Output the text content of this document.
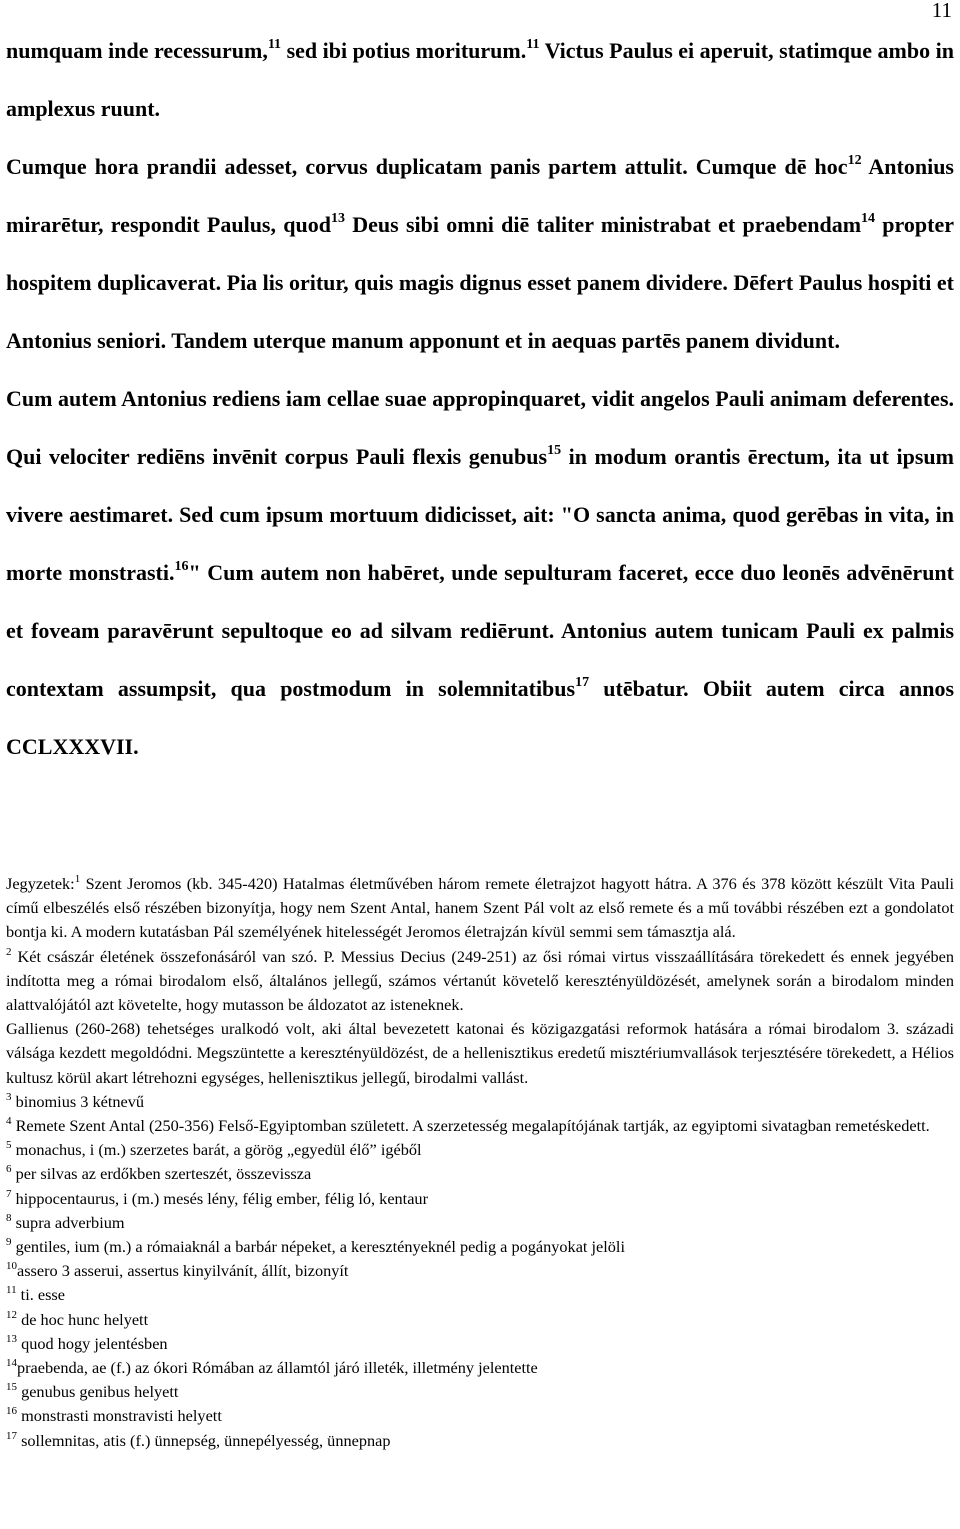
11

numquam inde recessurum,$^{11}$ sed ibi potius moriturum.$^{11}$ Victus Paulus ei aperuit, statimque ambo in amplexus ruunt.

Cumque hora prandii adesset, corvus duplicatam panis partem attulit. Cumque dē hoc$^{12}$ Antonius mirarētur, respondit Paulus, quod$^{13}$ Deus sibi omni diē taliter ministrabat et praebendam$^{14}$ propter hospitem duplicaverat. Pia lis oritur, quis magis dignus esset panem dividere. Dēfert Paulus hospiti et Antonius seniori. Tandem uterque manum apponunt et in aequas partēs panem dividunt.

Cum autem Antonius rediens iam cellae suae appropinquaret, vidit angelos Pauli animam deferentes. Qui velociter rediēns invēnit corpus Pauli flexis genubus$^{15}$ in modum orantis ērectum, ita ut ipsum vivere aestimaret. Sed cum ipsum mortuum didicisset, ait: "O sancta anima, quod gerēbas in vita, in morte monstrasti.$^{16}$" Cum autem non habēret, unde sepulturam faceret, ecce duo leonēs advēnērunt et foveam paravērunt sepultoque eo ad silvam rediērunt. Antonius autem tunicam Pauli ex palmis contextam assumpsit, qua postmodum in solemnitatibus$^{17}$ utēbatur. Obiit autem circa annos CCLXXXVII.

Jegyzetek:$^1$ Szent Jeromos (kb. 345-420) Hatalmas életművében három remete életrajzot hagyott hátra. A 376 és 378 között készült Vita Pauli című elbeszélés első részében bizonyítja, hogy nem Szent Antal, hanem Szent Pál volt az első remete és a mű további részében ezt a gondolatot bontja ki. A modern kutatásban Pál személyének hitelességét Jeromos életrajzán kívül semmi sem támasztja alá.

$^2$ Két császár életének összefonásáról van szó. P. Messius Decius (249-251) az ősi római virtus visszaállítására törekedett és ennek jegyében indította meg a római birodalom első, általános jellegű, számos vértanút követelő keresztényüldözését, amelynek során a birodalom minden alattvalójától azt követelte, hogy mutasson be áldozatot az isteneknek.

Gallienus (260-268) tehetséges uralkodó volt, aki által bevezetett katonai és közigazgatási reformok hatására a római birodalom 3. századi válsága kezdett megoldódni. Megszüntette a keresztényüldözést, de a hellenisztikus eredetű misztériumvallások terjesztésére törekedett, a Hélios kultusz körül akart létrehozni egységes, hellenisztikus jellegű, birodalmi vallást.

$^3$ binomius 3 kétnevű

$^4$ Remete Szent Antal (250-356) Felső-Egyiptomban született. A szerzetesség megalapítójának tartják, az egyiptomi sivatagban remetéskedett.

$^5$ monachus, i (m.) szerzetes barát, a görög „egyedül élő” igéből

$^6$ per silvas az erdőkben szerteszét, összevissza

$^7$ hippocentaurus, i (m.) mesés lény, félig ember, félig ló, kentaur

$^8$ supra adverbium

$^9$ gentiles, ium (m.) a rómaiaknál a barbár népeket, a keresztényeknél pedig a pogányokat jelöli

$^{10}$assero 3 asserui, assertus kinyilvánít, állít, bizonyít

$^{11}$ ti. esse

$^{12}$ de hoc hunc helyett

$^{13}$ quod hogy jelentésben

$^{14}$praebenda, ae (f.) az ókori Rómában az államtól járó illeték, illetmény jelentette

$^{15}$ genubus genibus helyett

$^{16}$ monstrasti monstravisti helyett

$^{17}$ sollemnitas, atis (f.) ünnepség, ünnepélyesség, ünnepnap
